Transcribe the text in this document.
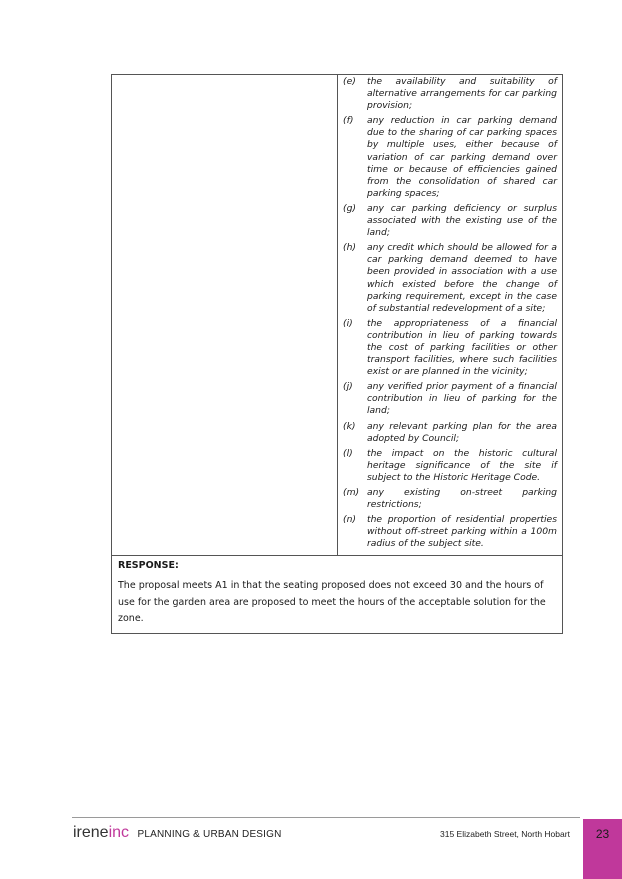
(e)	the availability and suitability of alternative arrangements for car parking provision;
(f)	any reduction in car parking demand due to the sharing of car parking spaces by multiple uses, either because of variation of car parking demand over time or because of efficiencies gained from the consolidation of shared car parking spaces;
(g)	any car parking deficiency or surplus associated with the existing use of the land;
(h)	any credit which should be allowed for a car parking demand deemed to have been provided in association with a use which existed before the change of parking requirement, except in the case of substantial redevelopment of a site;
(i)	the appropriateness of a financial contribution in lieu of parking towards the cost of parking facilities or other transport facilities, where such facilities exist or are planned in the vicinity;
(j)	any verified prior payment of a financial contribution in lieu of parking for the land;
(k)	any relevant parking plan for the area adopted by Council;
(l)	the impact on the historic cultural heritage significance of the site if subject to the Historic Heritage Code.
(m) any existing on-street parking restrictions;
(n)	the proportion of residential properties without off-street parking within a 100m radius of the subject site.
RESPONSE:
The proposal meets A1 in that the seating proposed does not exceed 30 and the hours of use for the garden area are proposed to meet the hours of the acceptable solution for the zone.
ireneinc PLANNING & URBAN DESIGN	315 Elizabeth Street, North Hobart	23
